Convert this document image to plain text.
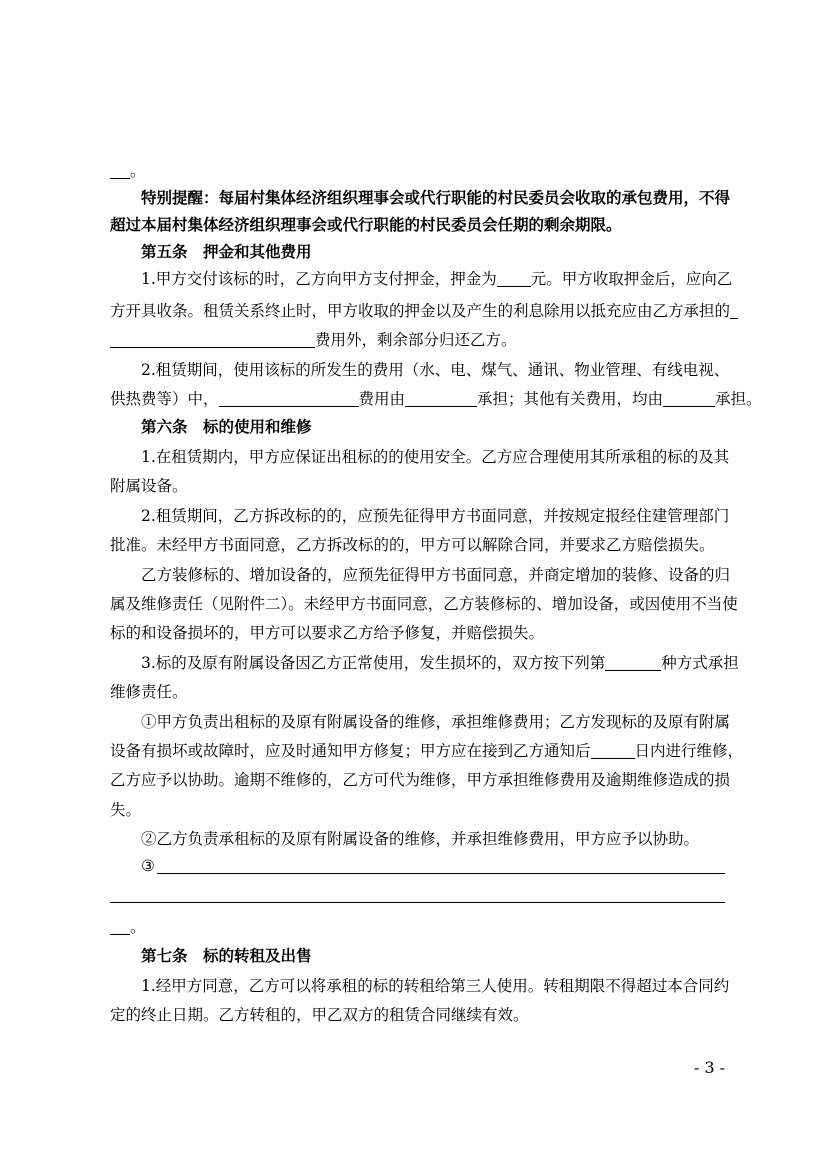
。
特别提醒：每届村集体经济组织理事会或代行职能的村民委员会收取的承包费用，不得
超过本届村集体经济组织理事会或代行职能的村民委员会任期的剩余期限。
第五条　押金和其他费用
1.甲方交付该标的时，乙方向甲方支付押金，押金为 元。甲方收取押金后，应向乙
方开具收条。租赁关系终止时，甲方收取的押金以及产生的利息除用以抵充应由乙方承担的
费用外，剩余部分归还乙方。
2.租赁期间，使用该标的所发生的费用（水、电、煤气、通讯、物业管理、有线电视、
供热费等）中，	费用由	承担；其他有关费用，均由	承担。
第六条　标的使用和维修
1.在租赁期内，甲方应保证出租标的的使用安全。乙方应合理使用其所承租的标的及其
附属设备。
2.租赁期间，乙方拆改标的的，应预先征得甲方书面同意，并按规定报经住建管理部门
批准。未经甲方书面同意，乙方拆改标的的，甲方可以解除合同，并要求乙方赔偿损失。
乙方装修标的、增加设备的，应预先征得甲方书面同意，并商定增加的装修、设备的归
属及维修责任（见附件二）。未经甲方书面同意，乙方装修标的、增加设备，或因使用不当使
标的和设备损坏的，甲方可以要求乙方给予修复，并赔偿损失。
3.标的及原有附属设备因乙方正常使用，发生损坏的，双方按下列第	种方式承担
维修责任。
①甲方负责出租标的及原有附属设备的维修，承担维修费用；乙方发现标的及原有附属
设备有损坏或故障时，应及时通知甲方修复；甲方应在接到乙方通知后	日内进行维修，
乙方应予以协助。逾期不维修的，乙方可代为维修，甲方承担维修费用及逾期维修造成的损
失。
②乙方负责承租标的及原有附属设备的维修，并承担维修费用，甲方应予以协助。
③
。
第七条　标的转租及出售
1.经甲方同意，乙方可以将承租的标的转租给第三人使用。转租期限不得超过本合同约
定的终止日期。乙方转租的，甲乙双方的租赁合同继续有效。
- 3 -
